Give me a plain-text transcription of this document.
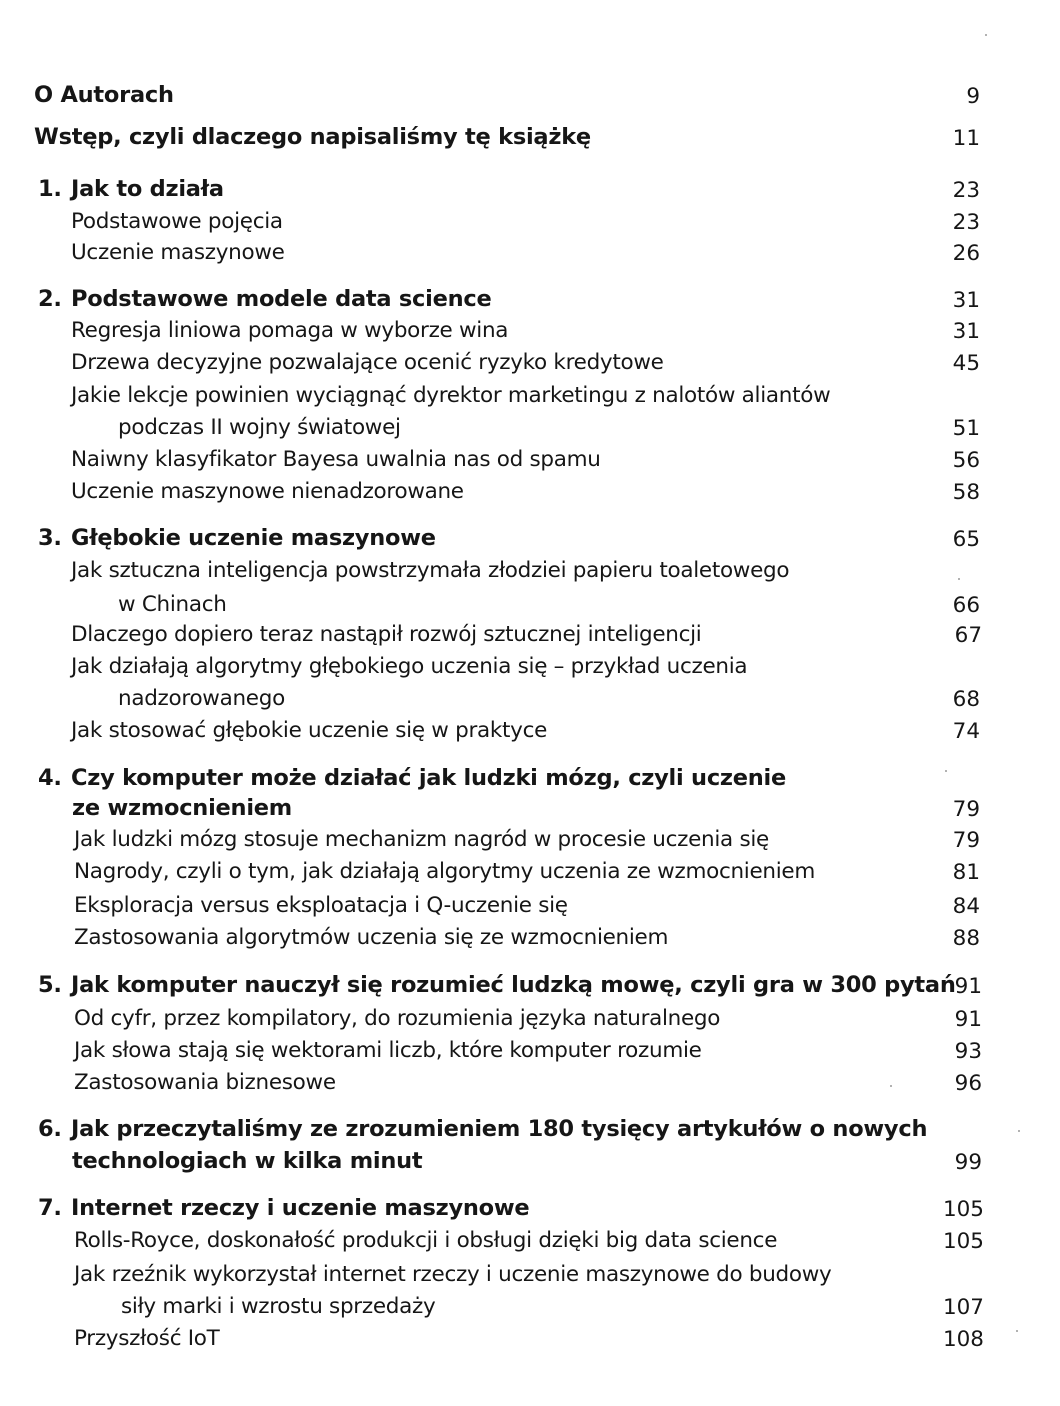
O Autorach	9
Wstęp, czyli dlaczego napisaliśmy tę książkę	11
1. Jak to działa	23
Podstawowe pojęcia	23
Uczenie maszynowe	26
2. Podstawowe modele data science	31
Regresja liniowa pomaga w wyborze wina	31
Drzewa decyzyjne pozwalające ocenić ryzyko kredytowe	45
Jakie lekcje powinien wyciągnąć dyrektor marketingu z nalotów aliantów
podczas II wojny światowej	51
Naiwny klasyfikator Bayesa uwalnia nas od spamu	56
Uczenie maszynowe nienadzorowane	58
3. Głębokie uczenie maszynowe	65
Jak sztuczna inteligencja powstrzymała złodziei papieru toaletowego
w Chinach	66
Dlaczego dopiero teraz nastąpił rozwój sztucznej inteligencji	67
Jak działają algorytmy głębokiego uczenia się – przykład uczenia
nadzorowanego	68
Jak stosować głębokie uczenie się w praktyce	74
4. Czy komputer może działać jak ludzki mózg, czyli uczenie
ze wzmocnieniem	79
Jak ludzki mózg stosuje mechanizm nagród w procesie uczenia się	79
Nagrody, czyli o tym, jak działają algorytmy uczenia ze wzmocnieniem	81
Eksploracja versus eksploatacja i Q-uczenie się	84
Zastosowania algorytmów uczenia się ze wzmocnieniem	88
5. Jak komputer nauczył się rozumieć ludzką mowę, czyli gra w 300 pytań 91
Od cyfr, przez kompilatory, do rozumienia języka naturalnego	91
Jak słowa stają się wektorami liczb, które komputer rozumie	93
Zastosowania biznesowe	96
6. Jak przeczytaliśmy ze zrozumieniem 180 tysięcy artykułów o nowych
technologiach w kilka minut	99
7. Internet rzeczy i uczenie maszynowe	105
Rolls-Royce, doskonałość produkcji i obsługi dzięki big data science	105
Jak rzeźnik wykorzystał internet rzeczy i uczenie maszynowe do budowy
siły marki i wzrostu sprzedaży	107
Przyszłość IoT	108
